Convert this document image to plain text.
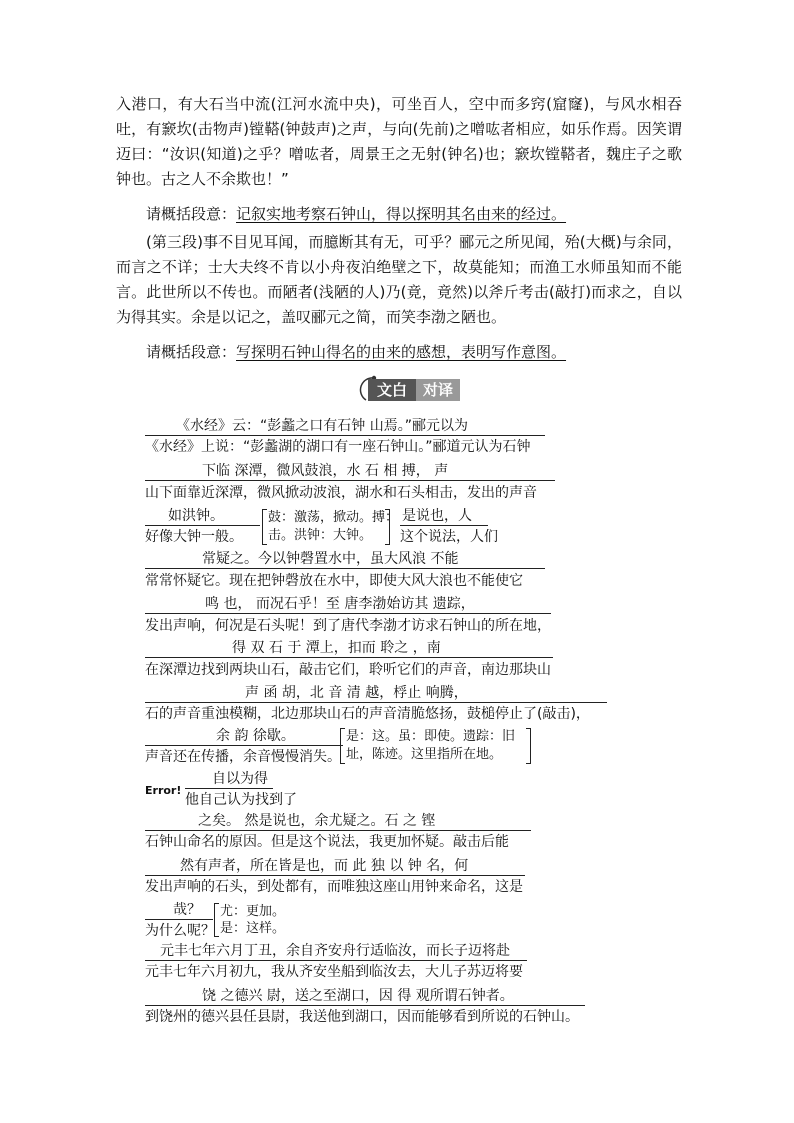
入港口，有大石当中流(江河水流中央)，可坐百人，空中而多窍(窟窿)，与风水相吞吐，有窾坎(击物声)镗鞳(钟鼓声)之声，与向(先前)之噌吰者相应，如乐作焉。因笑谓迈曰：“汝识(知道)之乎？噌吰者，周景王之无射(钟名)也；窾坎镗鞳者，魏庄子之歌钟也。古之人不余欺也！”
请概括段意：记叙实地考察石钟山，得以探明其名由来的经过。
(第三段)事不目见耳闻，而臆断其有无，可乎？郦元之所见闻，殆(大概)与余同，而言之不详；士大夫终不肯以小舟夜泊绝壁之下，故莫能知；而渔工水师虽知而不能言。此世所以不传也。而陋者(浅陋的人)乃(竟，竟然)以斧斤考击(敲打)而求之，自以为得其实。余是以记之，盖叹郦元之简，而笑李渤之陋也。
请概括段意：写探明石钟山得名的由来的感想，表明写作意图。
文白	对译
《水经》云：“彭蠡之口有石钟 山焉。”郦元以为
《水经》上说：“彭蠡湖的湖口有一座石钟山。”郦道元认为石钟
下临 深潭，微风鼓浪，水 石 相 搏， 声
山下面靠近深潭，微风掀动波浪，湖水和石头相击，发出的声音
如洪钟。
好像大钟一般。
鼓：激荡，掀动。搏：
击。洪钟：大钟。
是说也，人
这个说法，人们
常疑之。今以钟磬置水中，虽大风浪 不能
常常怀疑它。现在把钟磬放在水中，即使大风大浪也不能使它
鸣 也， 而况石乎！至 唐李渤始访其 遗踪，
发出声响，何况是石头呢！到了唐代李渤才访求石钟山的所在地，
得 双 石 于 潭上，扣而 聆之 ，南
在深潭边找到两块山石，敲击它们，聆听它们的声音，南边那块山
声 函 胡，北 音 清 越，桴止 响腾，
石的声音重浊模糊，北边那块山石的声音清脆悠扬，鼓槌停止了(敲击)，
余 韵 徐歇。
声音还在传播，余音慢慢消失。
是：这。虽：即使。遗踪：旧
址，陈迹。这里指所在地。
Error!
自以为得
他自己认为找到了
之矣。 然是说也，余尤疑之。石 之 铿
石钟山命名的原因。但是这个说法，我更加怀疑。敲击后能
然有声者，所在皆是也，而 此 独 以 钟 名，何
发出声响的石头，到处都有，而唯独这座山用钟来命名，这是
哉？
为什么呢？
尤：更加。
是：这样。
元丰七年六月丁丑，余自齐安舟行适临汝，而长子迈将赴
元丰七年六月初九，我从齐安坐船到临汝去，大儿子苏迈将要
饶 之德兴 尉，送之至湖口，因 得 观所谓石钟者。
到饶州的德兴县任县尉，我送他到湖口，因而能够看到所说的石钟山。
